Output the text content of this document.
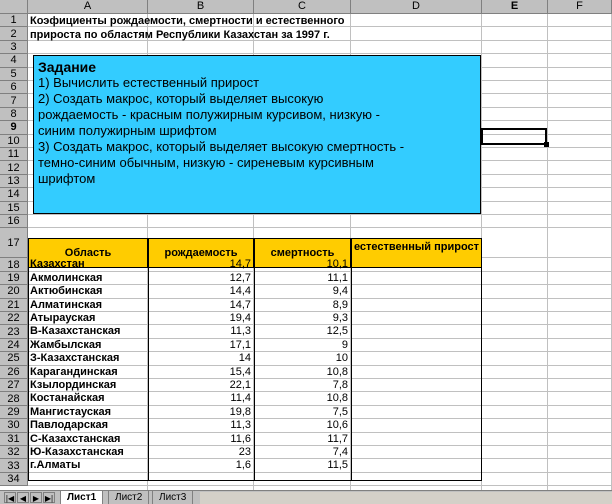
A	B	C	D	E	F
1
2
3
4
5
6
7
8
9
10
11
12
13
14
15
16
17
18
19
20
21
22
23
24
25
26
27
28
29
30
31
32
33
34
Коэфициенты рождаемости, смертности и естественного
прироста по областям Республики Казахстан за 1997 г.
Задание
1) Вычислить естественный прирост
2) Создать макрос, который выделяет высокую
рождаемость - красным полужирным курсивом, низкую -
синим полужирным шрифтом
3) Создать макрос, который выделяет высокую смертность -
темно-синим обычным, низкую - сиреневым курсивным
шрифтом
Область	рождаемость	смертность	естественный прирост
Казахстан	14,7	10,1
Акмолинская	12,7	11,1
Актюбинская	14,4	9,4
Алматинская	14,7	8,9
Атырауская	19,4	9,3
В-Казахстанская	11,3	12,5
Жамбылская	17,1	9
З-Казахстанская	14	10
Карагандинская	15,4	10,8
Кзылординская	22,1	7,8
Костанайская	11,4	10,8
Мангистауская	19,8	7,5
Павлодарская	11,3	10,6
С-Казахстанская	11,6	11,7
Ю-Казахстанская	23	7,4
г.Алматы	1,6	11,5
|◀ ◀ ▶ ▶|	Лист1	Лист2	Лист3
